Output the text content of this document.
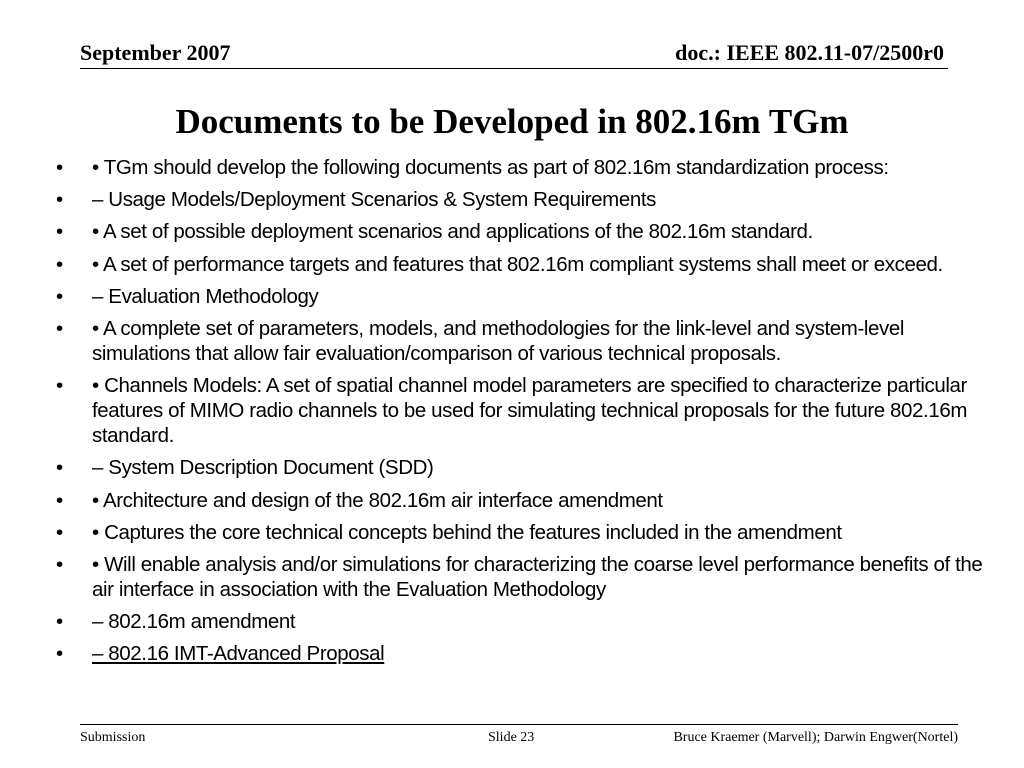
September 2007	doc.: IEEE 802.11-07/2500r0
Documents to be Developed in 802.16m TGm
• • TGm should develop the following documents as part of 802.16m standardization process:
• – Usage Models/Deployment Scenarios & System Requirements
• • A set of possible deployment scenarios and applications of the 802.16m standard.
• • A set of performance targets and features that 802.16m compliant systems shall meet or exceed.
• – Evaluation Methodology
• • A complete set of parameters, models, and methodologies for the link-level and system-level simulations that allow fair evaluation/comparison of various technical proposals.
• • Channels Models: A set of spatial channel model parameters are specified to characterize particular features of MIMO radio channels to be used for simulating technical proposals for the future 802.16m standard.
• – System Description Document (SDD)
• • Architecture and design of the 802.16m air interface amendment
• • Captures the core technical concepts behind the features included in the amendment
• • Will enable analysis and/or simulations for characterizing the coarse level performance benefits of the air interface in association with the Evaluation Methodology
• – 802.16m amendment
• – 802.16 IMT-Advanced Proposal
Submission	Slide 23	Bruce Kraemer (Marvell); Darwin Engwer(Nortel)
